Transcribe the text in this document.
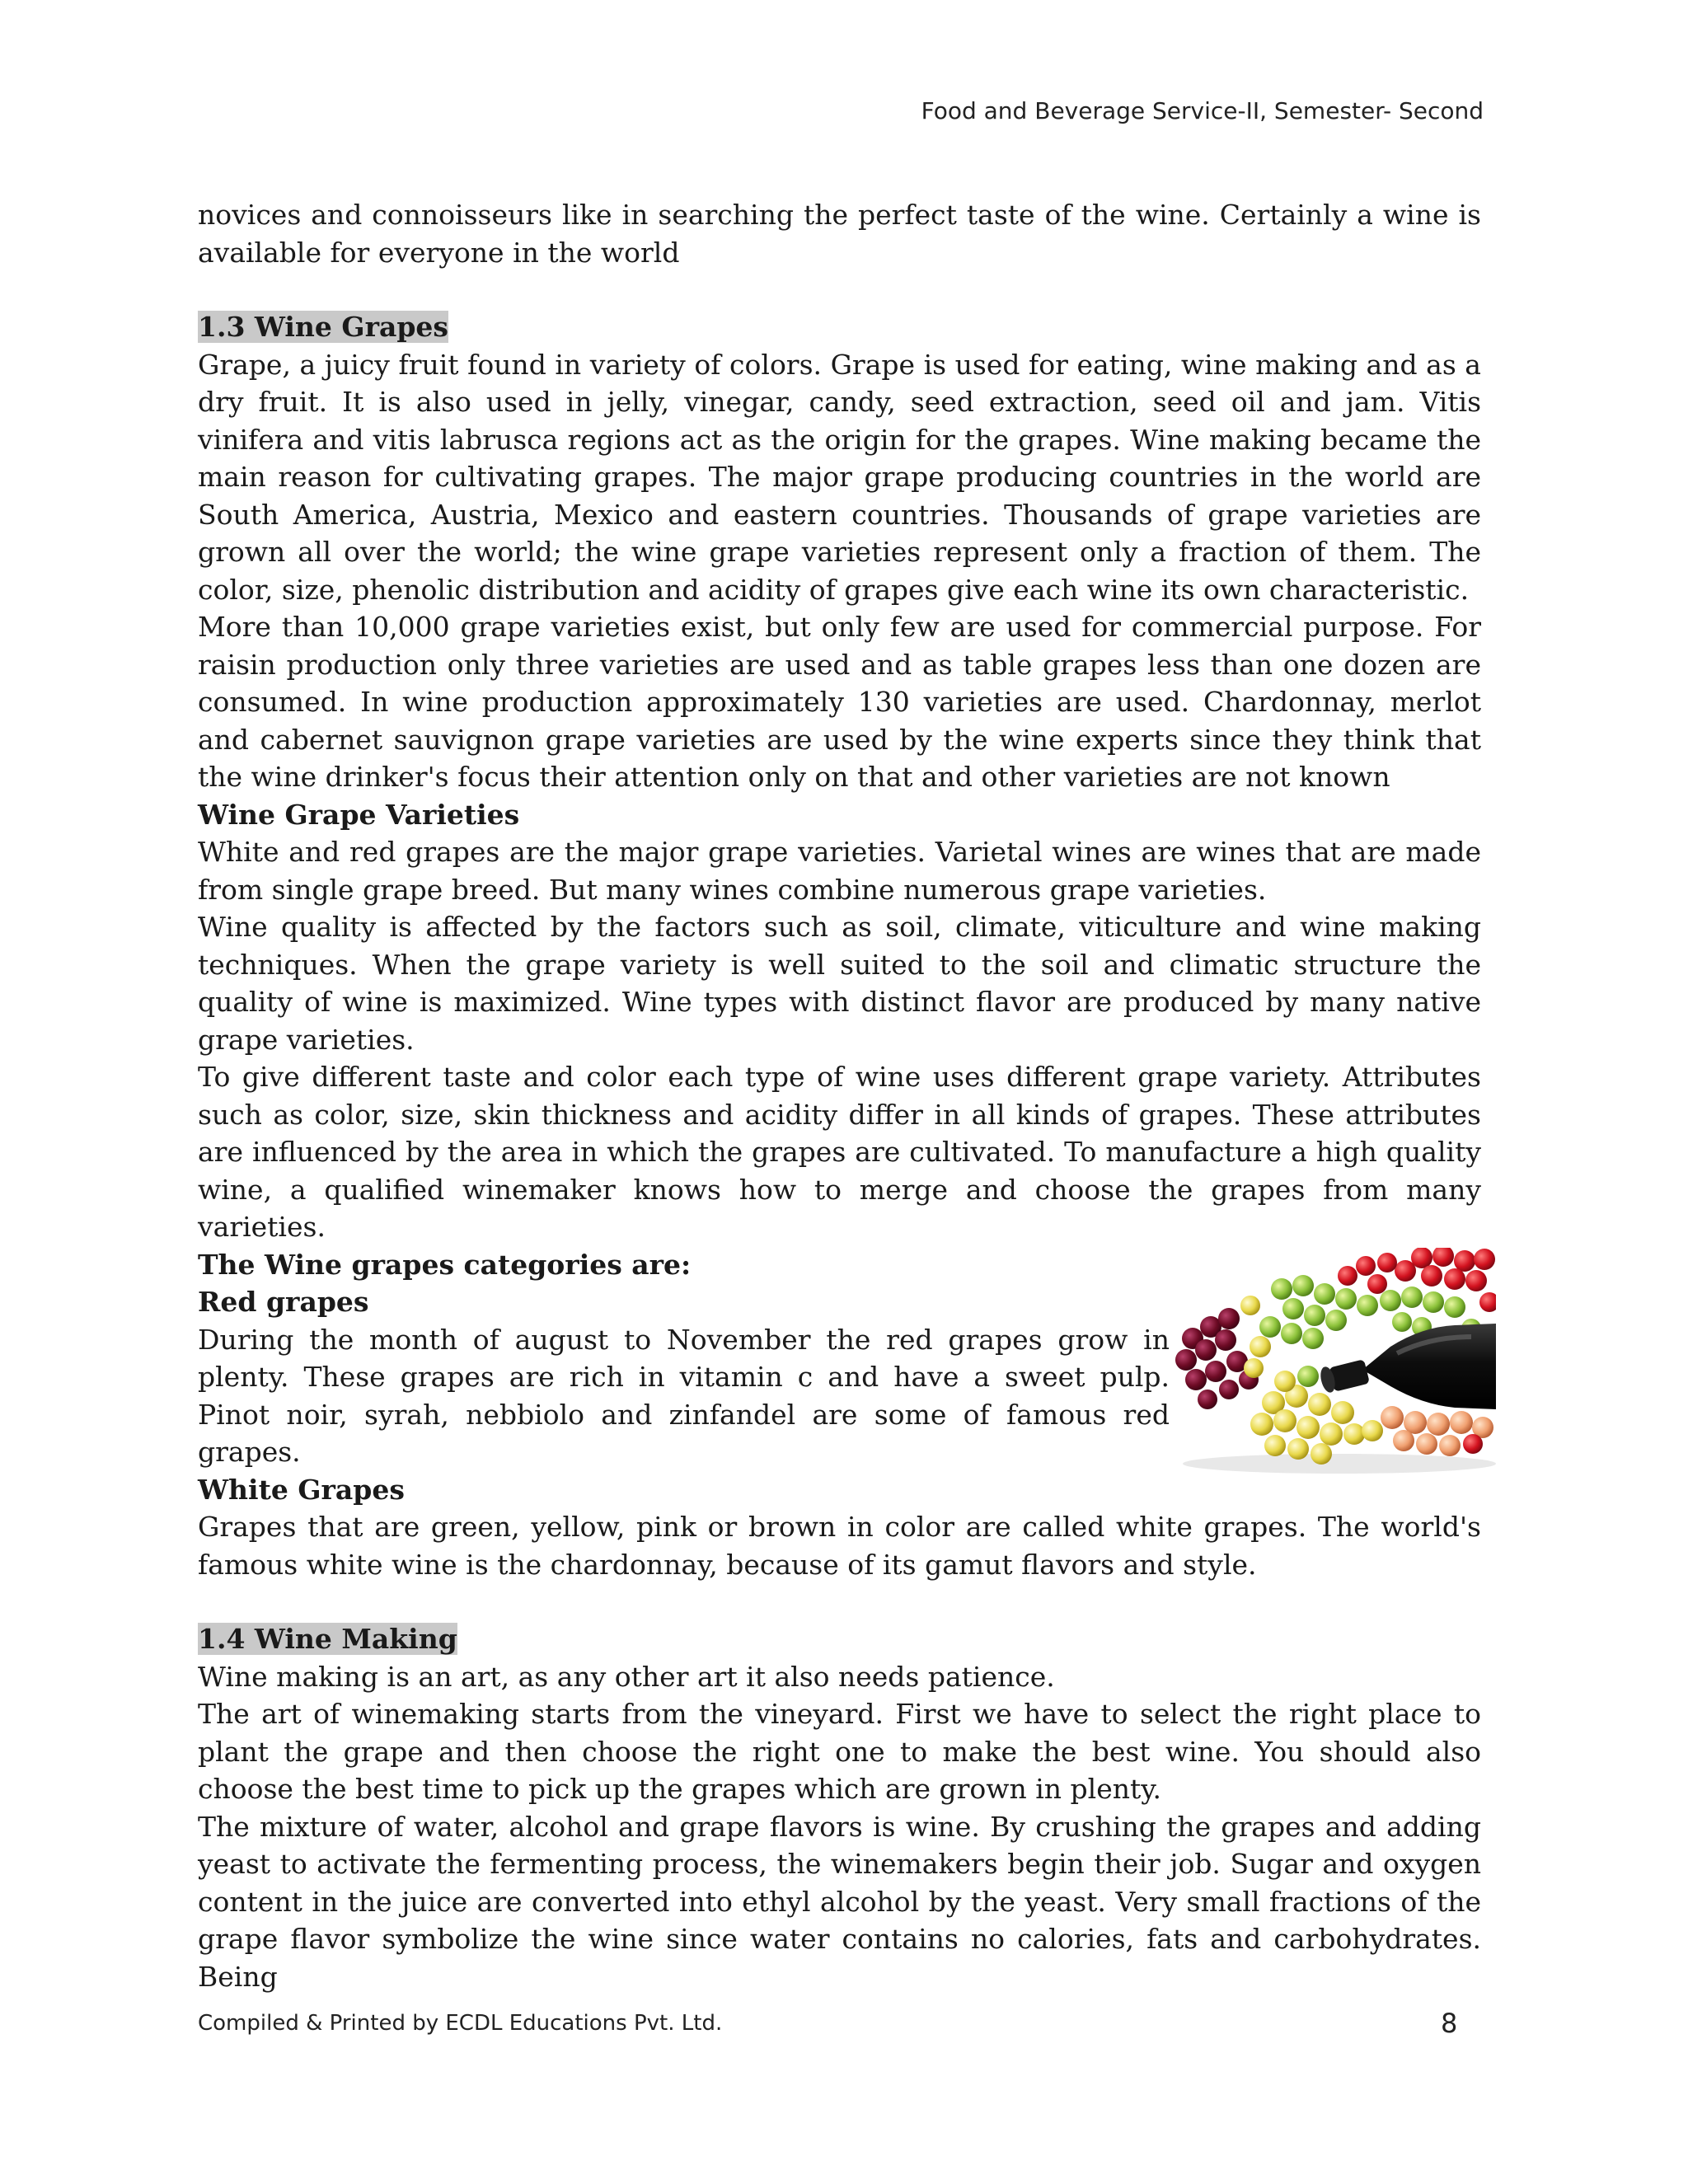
Food and Beverage Service-II, Semester- Second

novices and connoisseurs like in searching the perfect taste of the wine. Certainly a wine is available for everyone in the world

1.3 Wine Grapes

Grape, a juicy fruit found in variety of colors. Grape is used for eating, wine making and as a dry fruit. It is also used in jelly, vinegar, candy, seed extraction, seed oil and jam. Vitis vinifera and vitis labrusca regions act as the origin for the grapes. Wine making became the main reason for cultivating grapes. The major grape producing countries in the world are South America, Austria, Mexico and eastern countries. Thousands of grape varieties are grown all over the world; the wine grape varieties represent only a fraction of them. The color, size, phenolic distribution and acidity of grapes give each wine its own characteristic.

More than 10,000 grape varieties exist, but only few are used for commercial purpose. For raisin production only three varieties are used and as table grapes less than one dozen are consumed. In wine production approximately 130 varieties are used. Chardonnay, merlot and cabernet sauvignon grape varieties are used by the wine experts since they think that the wine drinker's focus their attention only on that and other varieties are not known

Wine Grape Varieties

White and red grapes are the major grape varieties. Varietal wines are wines that are made from single grape breed. But many wines combine numerous grape varieties.

Wine quality is affected by the factors such as soil, climate, viticulture and wine making techniques. When the grape variety is well suited to the soil and climatic structure the quality of wine is maximized. Wine types with distinct flavor are produced by many native grape varieties.

To give different taste and color each type of wine uses different grape variety. Attributes such as color, size, skin thickness and acidity differ in all kinds of grapes. These attributes are influenced by the area in which the grapes are cultivated. To manufacture a high quality wine, a qualified winemaker knows how to merge and choose the grapes from many varieties.

The Wine grapes categories are:

Red grapes

During the month of august to November the red grapes grow in plenty. These grapes are rich in vitamin c and have a sweet pulp. Pinot noir, syrah, nebbiolo and zinfandel are some of famous red grapes.

White Grapes

Grapes that are green, yellow, pink or brown in color are called white grapes. The world's famous white wine is the chardonnay, because of its gamut flavors and style.

1.4 Wine Making

Wine making is an art, as any other art it also needs patience.

The art of winemaking starts from the vineyard. First we have to select the right place to plant the grape and then choose the right one to make the best wine. You should also choose the best time to pick up the grapes which are grown in plenty.

The mixture of water, alcohol and grape flavors is wine. By crushing the grapes and adding yeast to activate the fermenting process, the winemakers begin their job. Sugar and oxygen content in the juice are converted into ethyl alcohol by the yeast. Very small fractions of the grape flavor symbolize the wine since water contains no calories, fats and carbohydrates. Being

Compiled & Printed by ECDL Educations Pvt. Ltd.	8
